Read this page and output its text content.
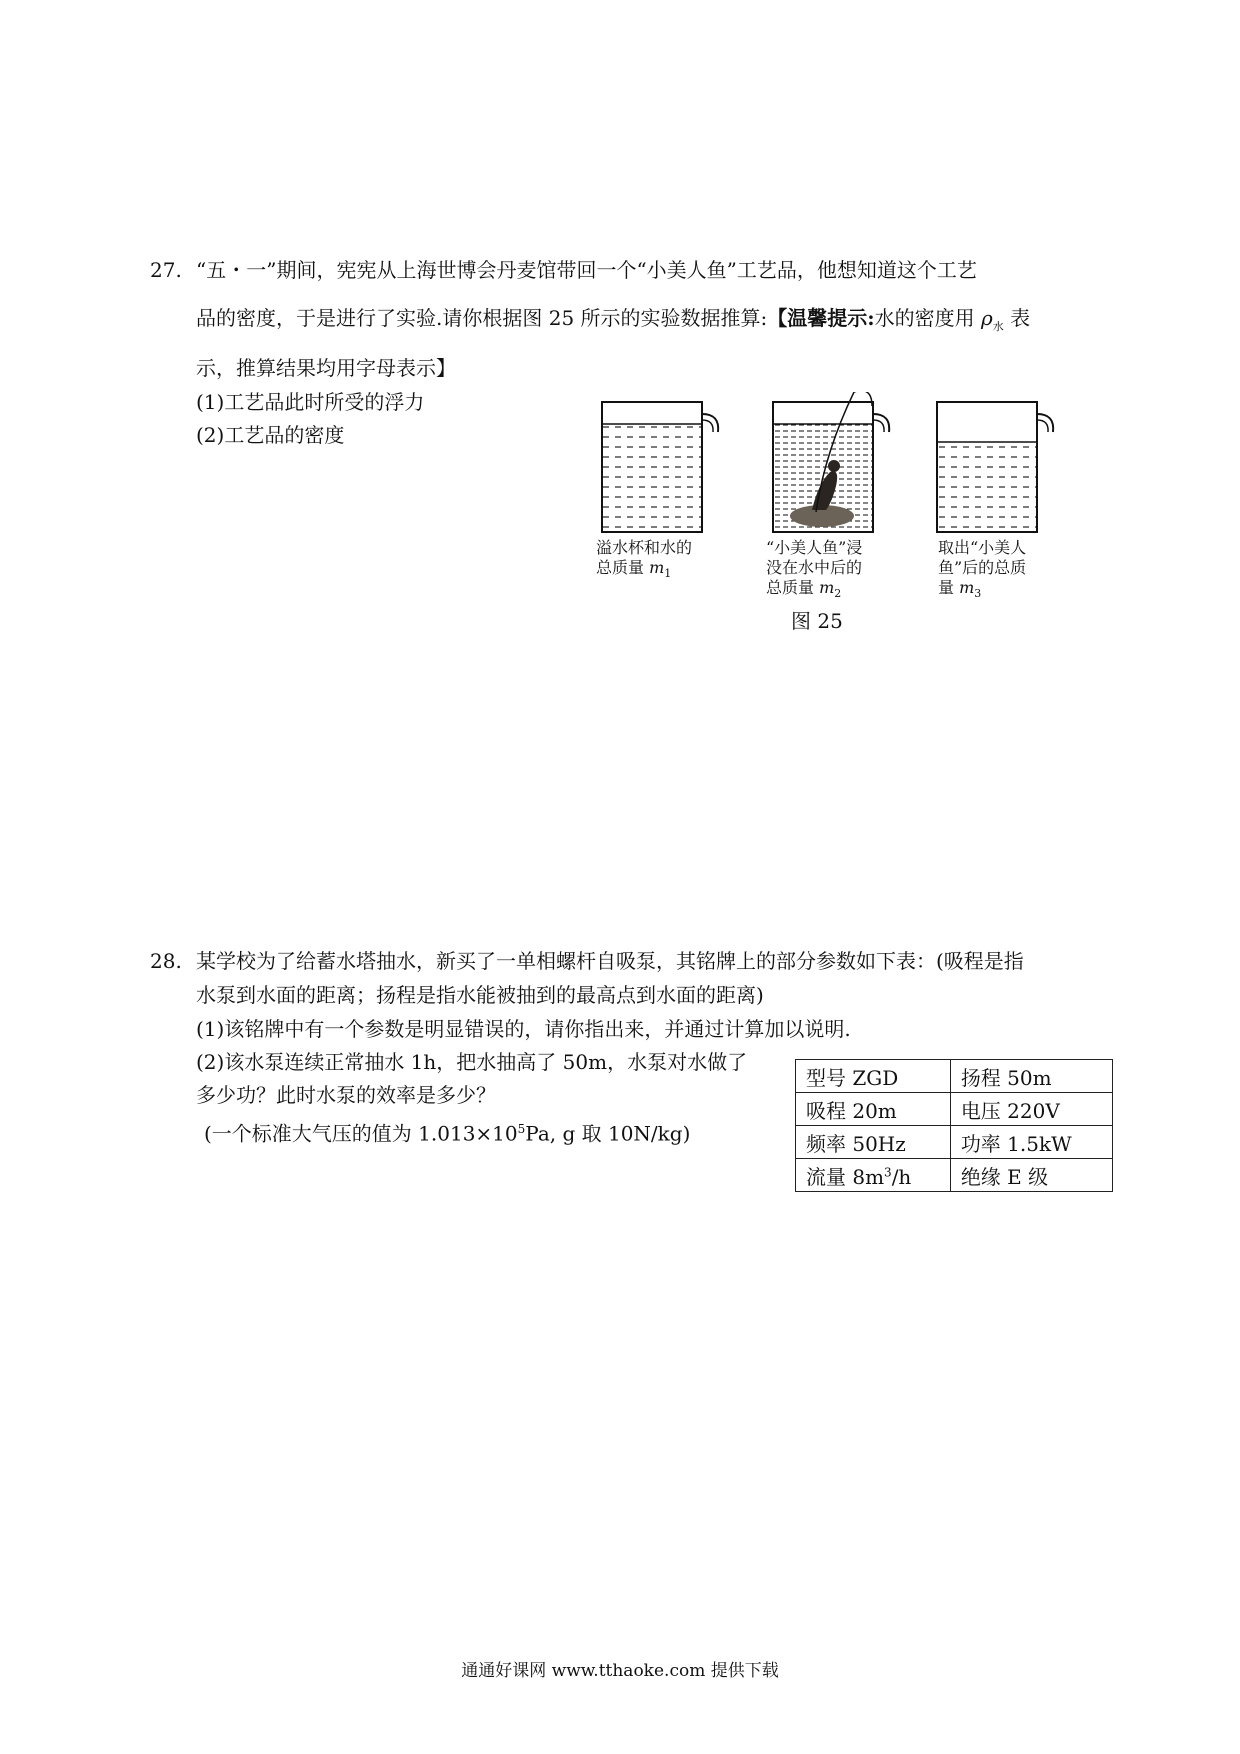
27. “五・一”期间，宪宪从上海世博会丹麦馆带回一个“小美人鱼”工艺品，他想知道这个工艺
品的密度，于是进行了实验.请你根据图 25 所示的实验数据推算:【温馨提示:水的密度用 $\rho_水$ 表
示，推算结果均用字母表示】
(1)工艺品此时所受的浮力
(2)工艺品的密度
溢水杯和水的
总质量 $m_1$
“小美人鱼”浸
没在水中后的
总质量 $m_2$
取出“小美人
鱼”后的总质
量 $m_3$
图 25
28. 某学校为了给蓄水塔抽水，新买了一单相螺杆自吸泵，其铭牌上的部分参数如下表：(吸程是指
水泵到水面的距离；扬程是指水能被抽到的最高点到水面的距离)
(1)该铭牌中有一个参数是明显错误的，请你指出来，并通过计算加以说明.
(2)该水泵连续正常抽水 1h，把水抽高了 50m，水泵对水做了
多少功？此时水泵的效率是多少？
(一个标准大气压的值为 $1.013\times 10^5Pa$, g 取 10N/kg)
型号 ZGD	扬程 50m
吸程 20m	电压 220V
频率 50Hz	功率 1.5kW
流量 $8m^3/h$	绝缘 E 级
通通好课网 www.tthaoke.com 提供下载
